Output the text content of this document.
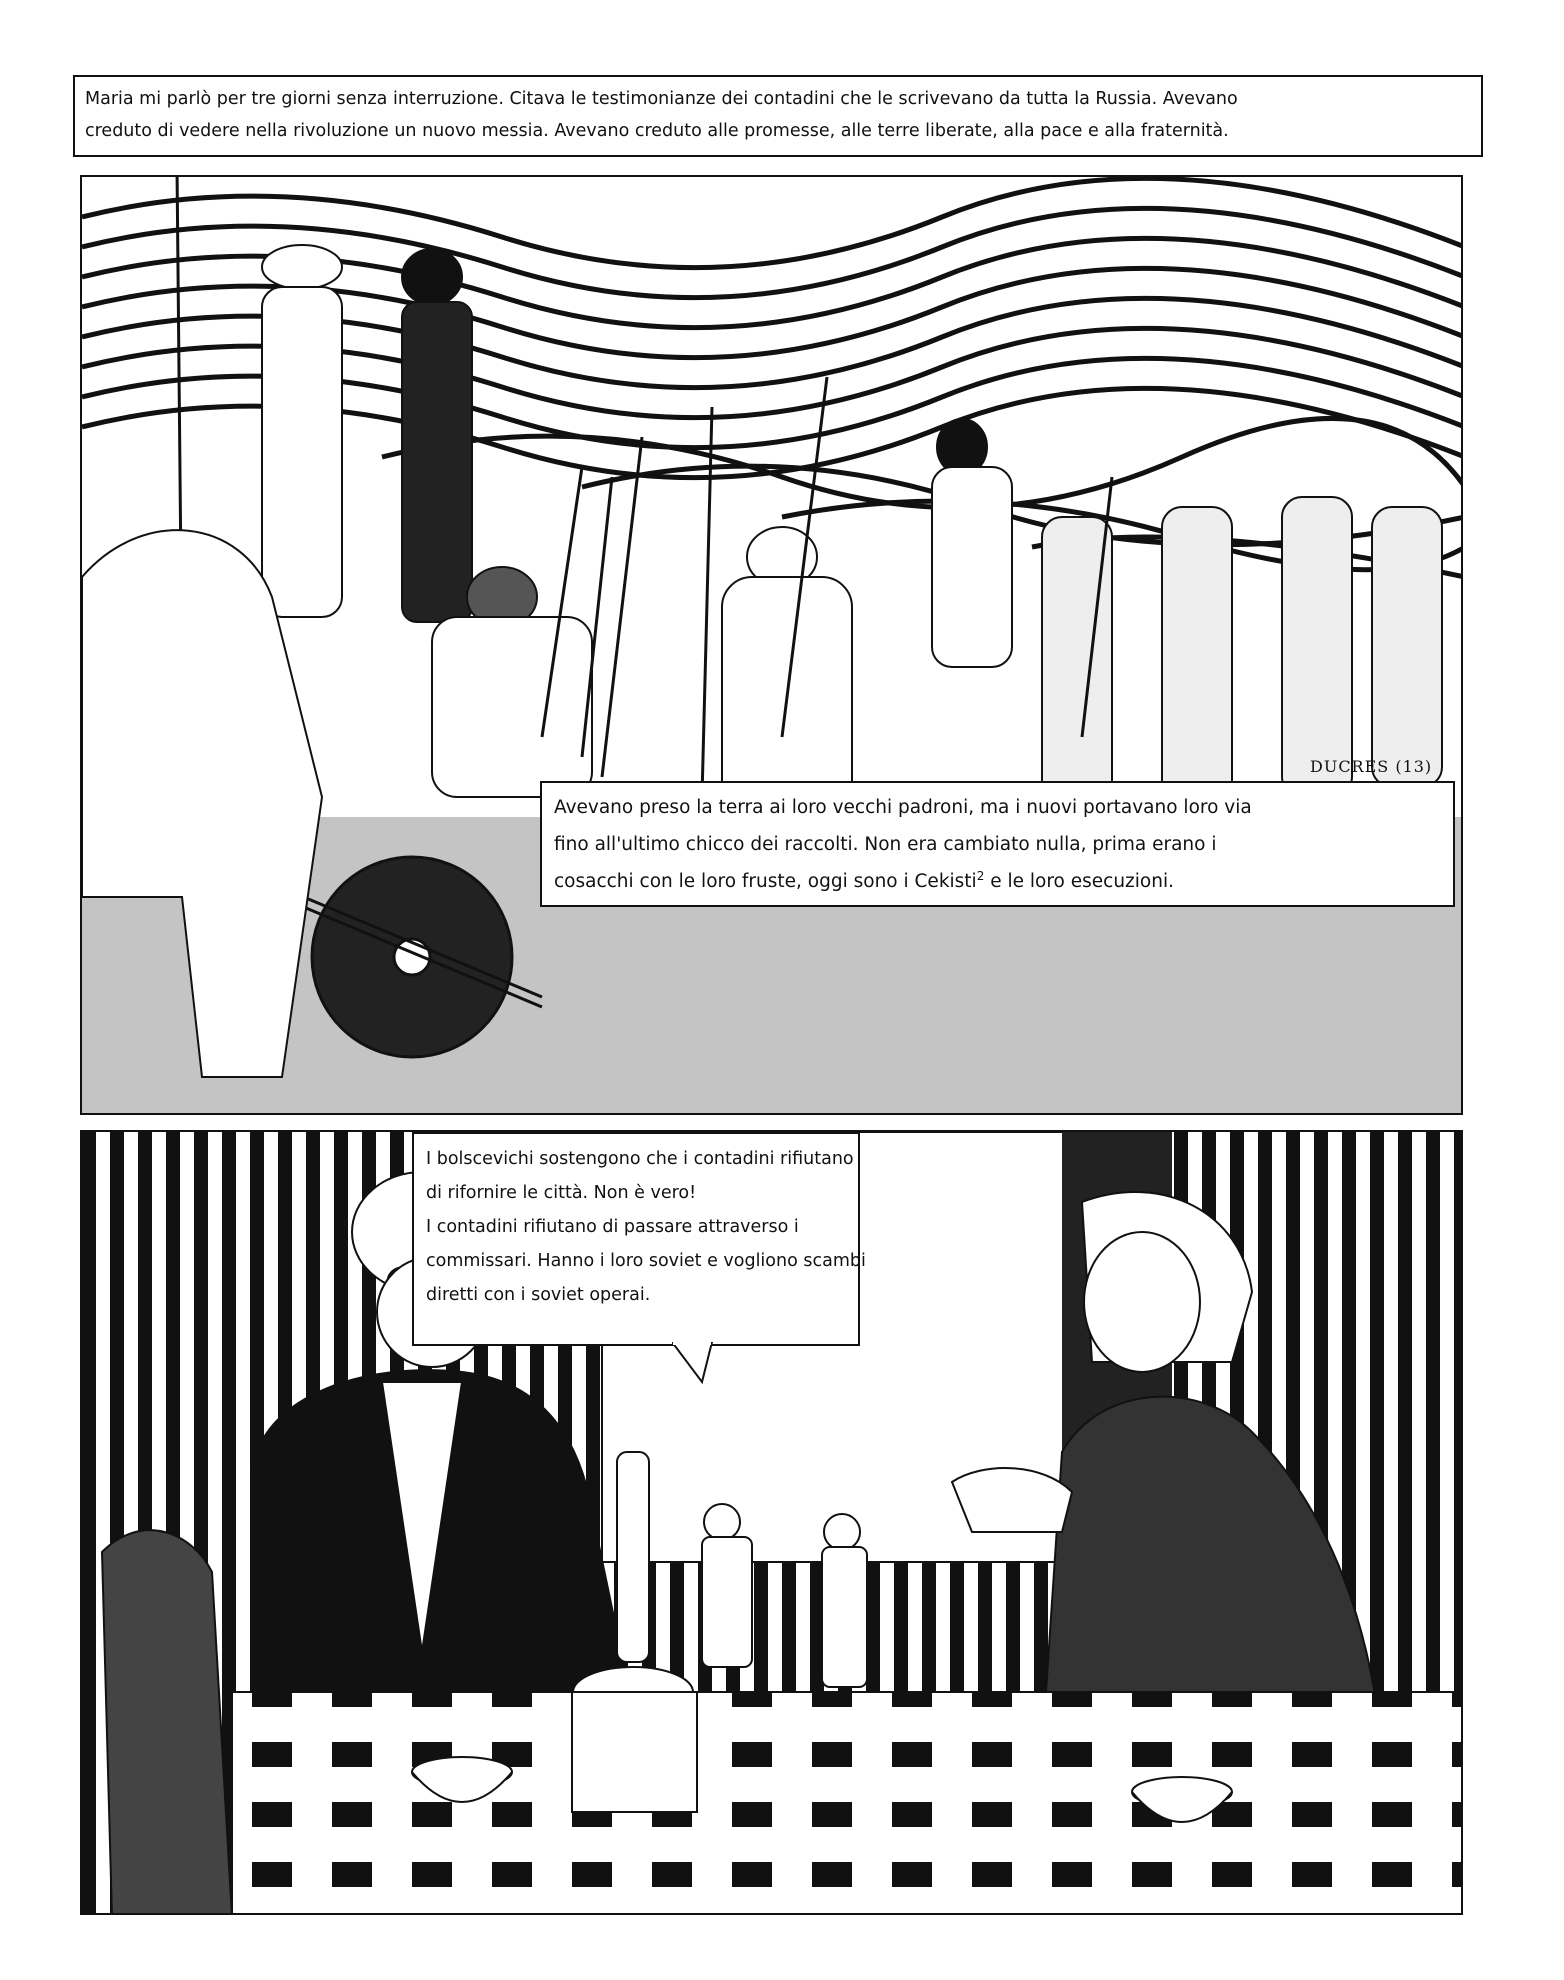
Maria mi parlò per tre giorni senza interruzione. Citava le testimonianze dei contadini che le scrivevano da tutta la Russia. Avevano
creduto di vedere nella rivoluzione un nuovo messia. Avevano creduto alle promesse, alle terre liberate, alla pace e alla fraternità.
DUCRES (13)
Avevano preso la terra ai loro vecchi padroni, ma i nuovi portavano loro via
fino all'ultimo chicco dei raccolti. Non era cambiato nulla, prima erano i
cosacchi con le loro fruste, oggi sono i Cekisti$^2$ e le loro esecuzioni.
I bolscevichi sostengono che i contadini rifiutano
di rifornire le città. Non è vero!
I contadini rifiutano di passare attraverso i
commissari. Hanno i loro soviet e vogliono scambi
diretti con i soviet operai.
